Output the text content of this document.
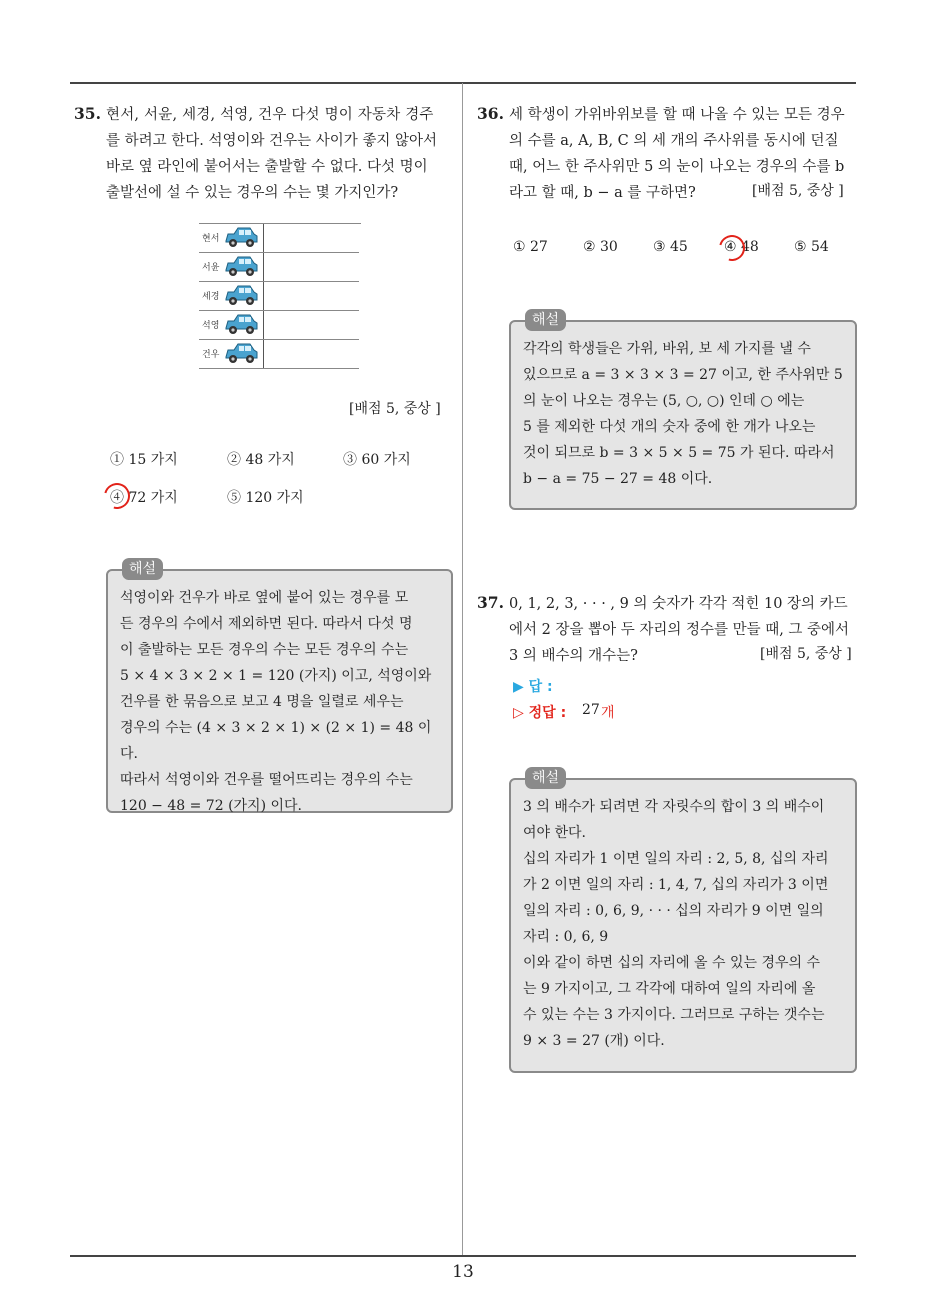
35. 현서, 서윤, 세경, 석영, 건우 다섯 명이 자동차 경주
를 하려고 한다. 석영이와 건우는 사이가 좋지 않아서
바로 옆 라인에 붙어서는 출발할 수 없다. 다섯 명이
출발선에 설 수 있는 경우의 수는 몇 가지인가?
현서
서윤
세경
석영
건우
[배점 5, 중상 ]
① 15 가지	② 48 가지	③ 60 가지
④ 72 가지	⑤ 120 가지
해설

석영이와 건우가 바로 옆에 붙어 있는 경우를 모

든 경우의 수에서 제외하면 된다. 따라서 다섯 명

이 출발하는 모든 경우의 수는 모든 경우의 수는

5 × 4 × 3 × 2 × 1 = 120 (가지) 이고, 석영이와

건우를 한 묶음으로 보고 4 명을 일렬로 세우는

경우의 수는 (4 × 3 × 2 × 1) × (2 × 1) = 48 이다.

따라서 석영이와 건우를 떨어뜨리는 경우의 수는

120 − 48 = 72 (가지) 이다.

36. 세 학생이 가위바위보를 할 때 나올 수 있는 모든 경우
의 수를 a, A, B, C 의 세 개의 주사위를 동시에 던질
때, 어느 한 주사위만 5 의 눈이 나오는 경우의 수를 b
라고 할 때, b − a 를 구하면?	[배점 5, 중상 ]
① 27	② 30	③ 45	④ 48	⑤ 54
해설

각각의 학생들은 가위, 바위, 보 세 가지를 낼 수

있으므로 a = 3 × 3 × 3 = 27 이고, 한 주사위만 5

의 눈이 나오는 경우는 (5, ○, ○) 인데 ○ 에는

5 를 제외한 다섯 개의 숫자 중에 한 개가 나오는

것이 되므로 b = 3 × 5 × 5 = 75 가 된다. 따라서

b − a = 75 − 27 = 48 이다.

37. 0, 1, 2, 3, · · · , 9 의 숫자가 각각 적힌 10 장의 카드
에서 2 장을 뽑아 두 자리의 정수를 만들 때, 그 중에서
3 의 배수의 개수는?	[배점 5, 중상 ]
▶ 답 :
▷ 정답 : 27 개
해설

3 의 배수가 되려면 각 자릿수의 합이 3 의 배수이

여야 한다.

십의 자리가 1 이면 일의 자리 : 2, 5, 8, 십의 자리

가 2 이면 일의 자리 : 1, 4, 7, 십의 자리가 3 이면

일의 자리 : 0, 6, 9, · · · 십의 자리가 9 이면 일의

자리 : 0, 6, 9

이와 같이 하면 십의 자리에 올 수 있는 경우의 수

는 9 가지이고, 그 각각에 대하여 일의 자리에 올

수 있는 수는 3 가지이다. 그러므로 구하는 갯수는

9 × 3 = 27 (개) 이다.

13
